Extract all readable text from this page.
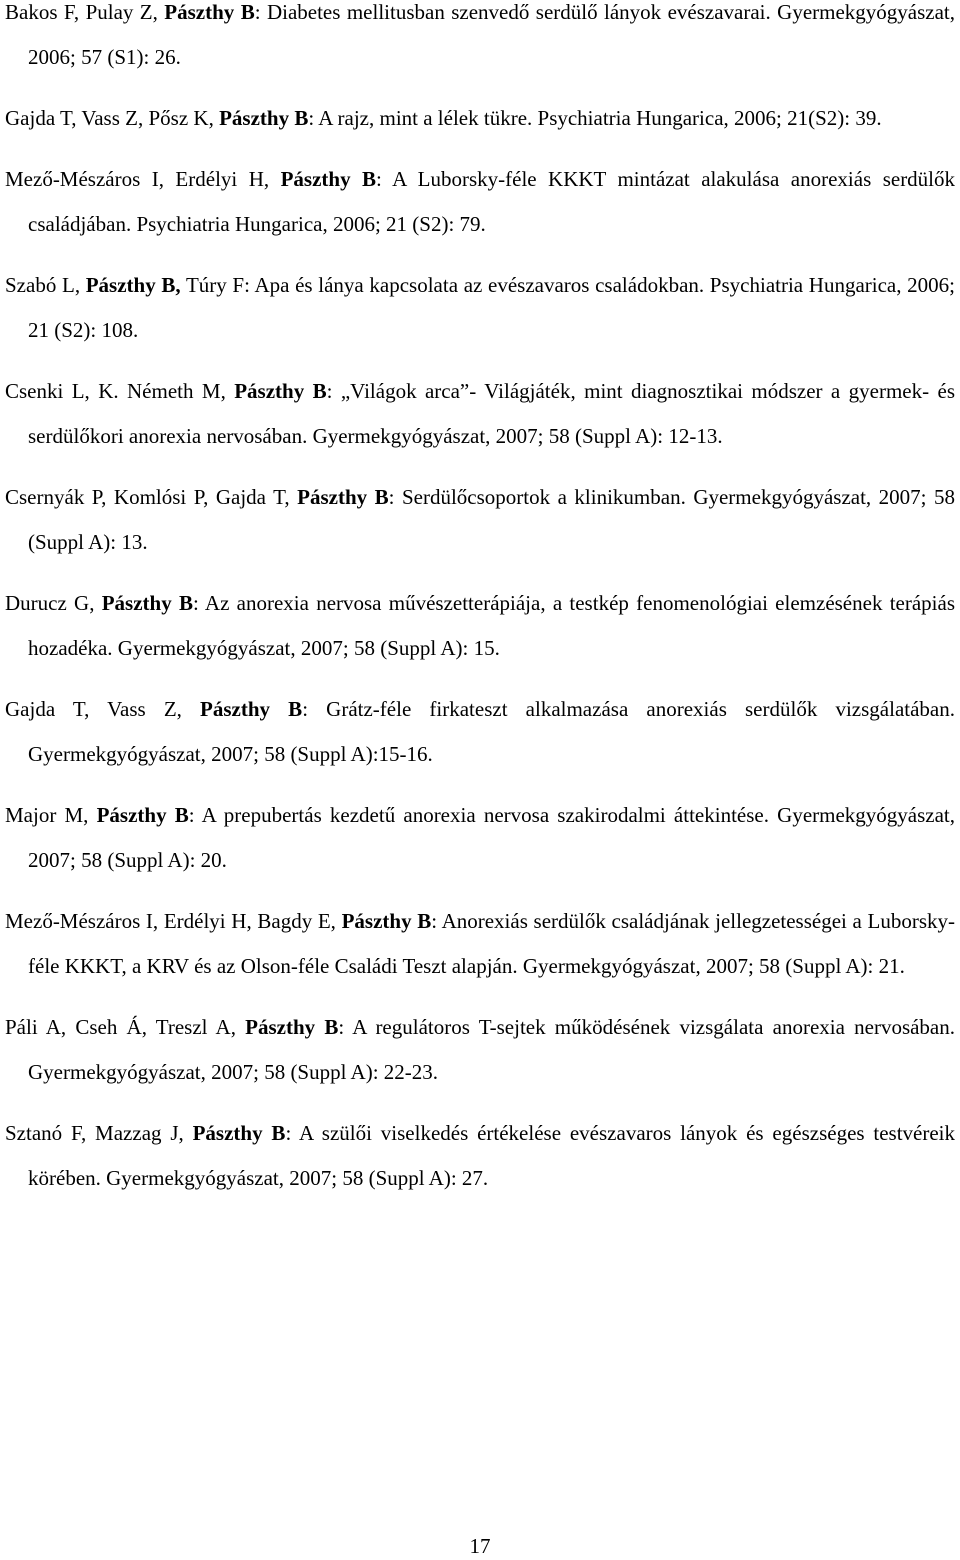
Bakos F, Pulay Z, Pászthy B: Diabetes mellitusban szenvedő serdülő lányok evészavarai. Gyermekgyógyászat, 2006; 57 (S1): 26.

Gajda T, Vass Z, Pősz K, Pászthy B: A rajz, mint a lélek tükre. Psychiatria Hungarica, 2006; 21(S2): 39.

Mező-Mészáros I, Erdélyi H, Pászthy B: A Luborsky-féle KKKT mintázat alakulása anorexiás serdülők családjában. Psychiatria Hungarica, 2006; 21 (S2): 79.

Szabó L, Pászthy B, Túry F: Apa és lánya kapcsolata az evészavaros családokban. Psychiatria Hungarica, 2006; 21 (S2): 108.

Csenki L, K. Németh M, Pászthy B: „Világok arca”- Világjáték, mint diagnosztikai módszer a gyermek- és serdülőkori anorexia nervosában. Gyermekgyógyászat, 2007; 58 (Suppl A): 12-13.

Csernyák P, Komlósi P, Gajda T, Pászthy B: Serdülőcsoportok a klinikumban. Gyermekgyógyászat, 2007; 58 (Suppl A): 13.

Durucz G, Pászthy B: Az anorexia nervosa művészetterápiája, a testkép fenomenológiai elemzésének terápiás hozadéka. Gyermekgyógyászat, 2007; 58 (Suppl A): 15.

Gajda T, Vass Z, Pászthy B: Grátz-féle firkateszt alkalmazása anorexiás serdülők vizsgálatában. Gyermekgyógyászat, 2007; 58 (Suppl A):15-16.

Major M, Pászthy B: A prepubertás kezdetű anorexia nervosa szakirodalmi áttekintése. Gyermekgyógyászat, 2007; 58 (Suppl A): 20.

Mező-Mészáros I, Erdélyi H, Bagdy E, Pászthy B: Anorexiás serdülők családjának jellegzetességei a Luborsky-féle KKKT, a KRV és az Olson-féle Családi Teszt alapján. Gyermekgyógyászat, 2007; 58 (Suppl A): 21.

Páli A, Cseh Á, Treszl A, Pászthy B: A regulátoros T-sejtek működésének vizsgálata anorexia nervosában. Gyermekgyógyászat, 2007; 58 (Suppl A): 22-23.

Sztanó F, Mazzag J, Pászthy B: A szülői viselkedés értékelése evészavaros lányok és egészséges testvéreik körében. Gyermekgyógyászat, 2007; 58 (Suppl A): 27.

17
